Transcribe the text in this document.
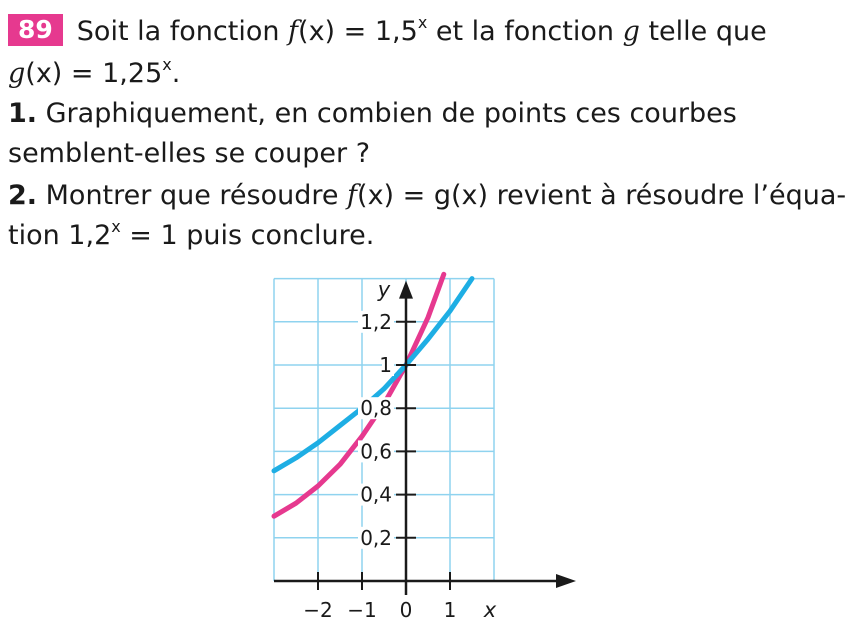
89 Soit la fonction $f(x) = 1,5^x$ et la fonction g telle que
$g(x) = 1,25^x$.
1. Graphiquement, en combien de points ces courbes
semblent-elles se couper ?
2. Montrer que résoudre f(x) = g(x) revient à résoudre l’équa-
tion $1,2^x = 1$ puis conclure.
−2 −1 0 1
0,2
0,4
0,6
0,8
1
1,2
y
x
